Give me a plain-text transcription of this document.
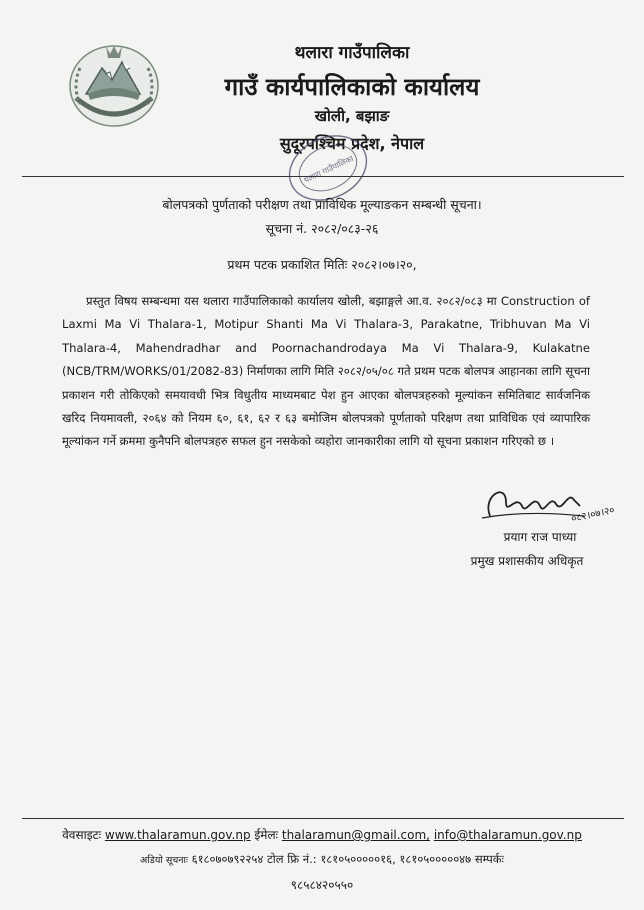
थलारा गाउँपालिका
गाउँ कार्यपालिकाको कार्यालय
खोली, बझाङ
सुदूरपश्चिम प्रदेश, नेपाल
थलारा गाउँपालिका
बोलपत्रको पुर्णताको परीक्षण तथा प्राविधिक मूल्याङकन सम्बन्धी सूचना।
सूचना नं. २०८२/०८३-२६
प्रथम पटक प्रकाशित मितिः २०८२।०७।२०,
प्रस्तुत विषय सम्बन्धमा यस थलारा गाउँपालिकाको कार्यालय खोली, बझाङ्गले आ.व. २०८२/०८३ मा Construction of Laxmi Ma Vi Thalara-1, Motipur Shanti Ma Vi Thalara-3, Parakatne, Tribhuvan Ma Vi Thalara-4, Mahendradhar and Poornachandrodaya Ma Vi Thalara-9, Kulakatne (NCB/TRM/WORKS/01/2082-83) निर्माणका लागि मिति २०८२/०५/०८ गते प्रथम पटक बोलपत्र आहानका लागि सूचना प्रकाशन गरी तोकिएको समयावधी भित्र विधुतीय माध्यमबाट पेश हुन आएका बोलपत्रहरुको मूल्यांकन समितिबाट सार्वजनिक खरिद नियमावली, २०६४ को नियम ६०, ६१, ६२ र ६३ बमोजिम बोलपत्रको पूर्णताको परिक्षण तथा प्राविधिक एवं व्यापारिक मूल्यांकन गर्ने क्रममा कुनैपनि बोलपत्रहरु सफल हुन नसकेको व्यहोरा जानकारीका लागि यो सूचना प्रकाशन गरिएको छ ।
०८२।०७।२०
प्रयाग राज पाध्या
प्रमुख प्रशासकीय अधिकृत
वेवसाइटः www.thalaramun.gov.np ईमेलः thalaramun@gmail.com, info@thalaramun.gov.np
अडियो सूचनाः ६१८०७०७९२२५४ टोल फ्रि नं.: १८१०५०००००१६, १८१०५०००००४७ सम्पर्कः
९८५८४२०५५०
